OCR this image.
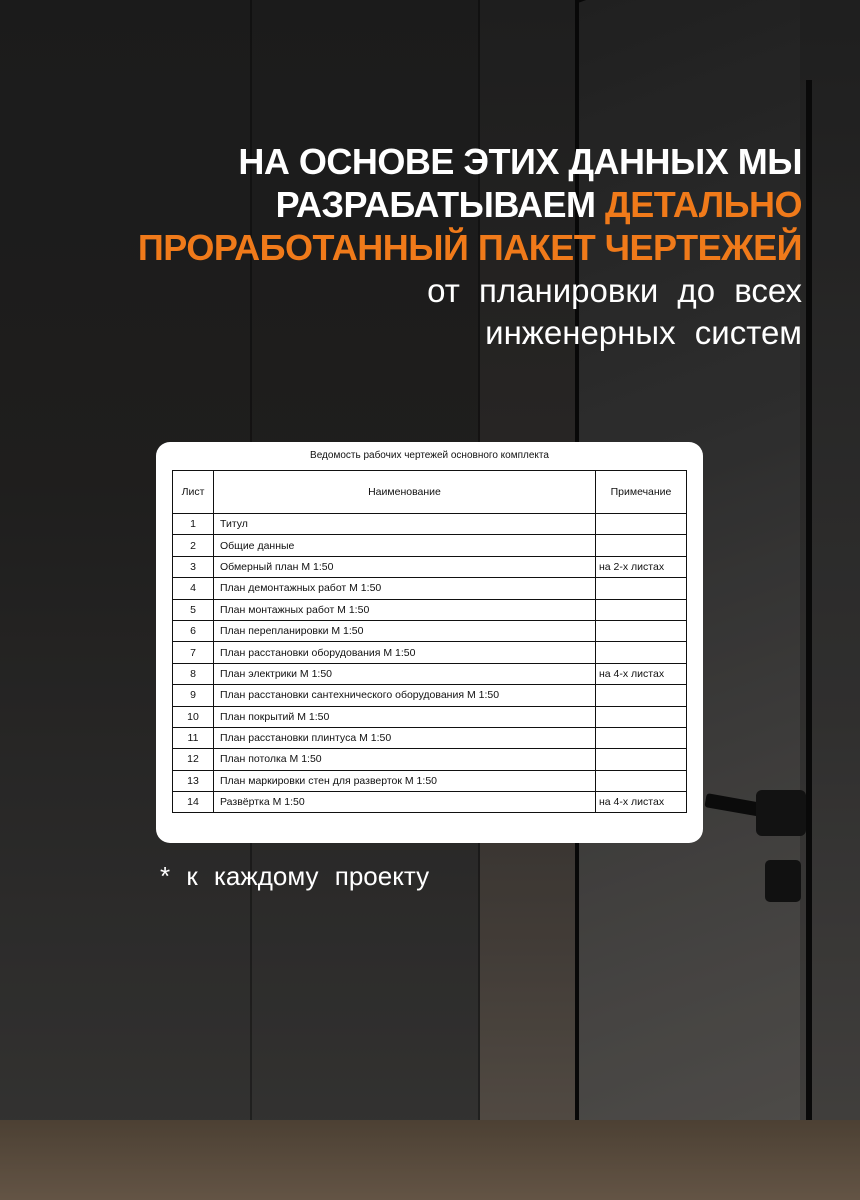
НА ОСНОВЕ ЭТИХ ДАННЫХ МЫ
РАЗРАБАТЫВАЕМ ДЕТАЛЬНО
ПРОРАБОТАННЫЙ ПАКЕТ ЧЕРТЕЖЕЙ

от планировки до всех
инженерных систем

Ведомость рабочих чертежей основного комплекта
Лист	Наименование	Примечание
1	Титул	
2	Общие данные	
3	Обмерный план М 1:50	на 2-х листах
4	План демонтажных работ М 1:50	
5	План монтажных работ М 1:50	
6	План перепланировки М 1:50	
7	План расстановки оборудования М 1:50	
8	План электрики М 1:50	на 4-х листах
9	План расстановки сантехнического оборудования М 1:50	
10	План покрытий М 1:50	
11	План расстановки плинтуса М 1:50	
12	План потолка М 1:50	
13	План маркировки стен для разверток М 1:50	
14	Развёртка М 1:50	на 4-х листах

* к каждому проекту
